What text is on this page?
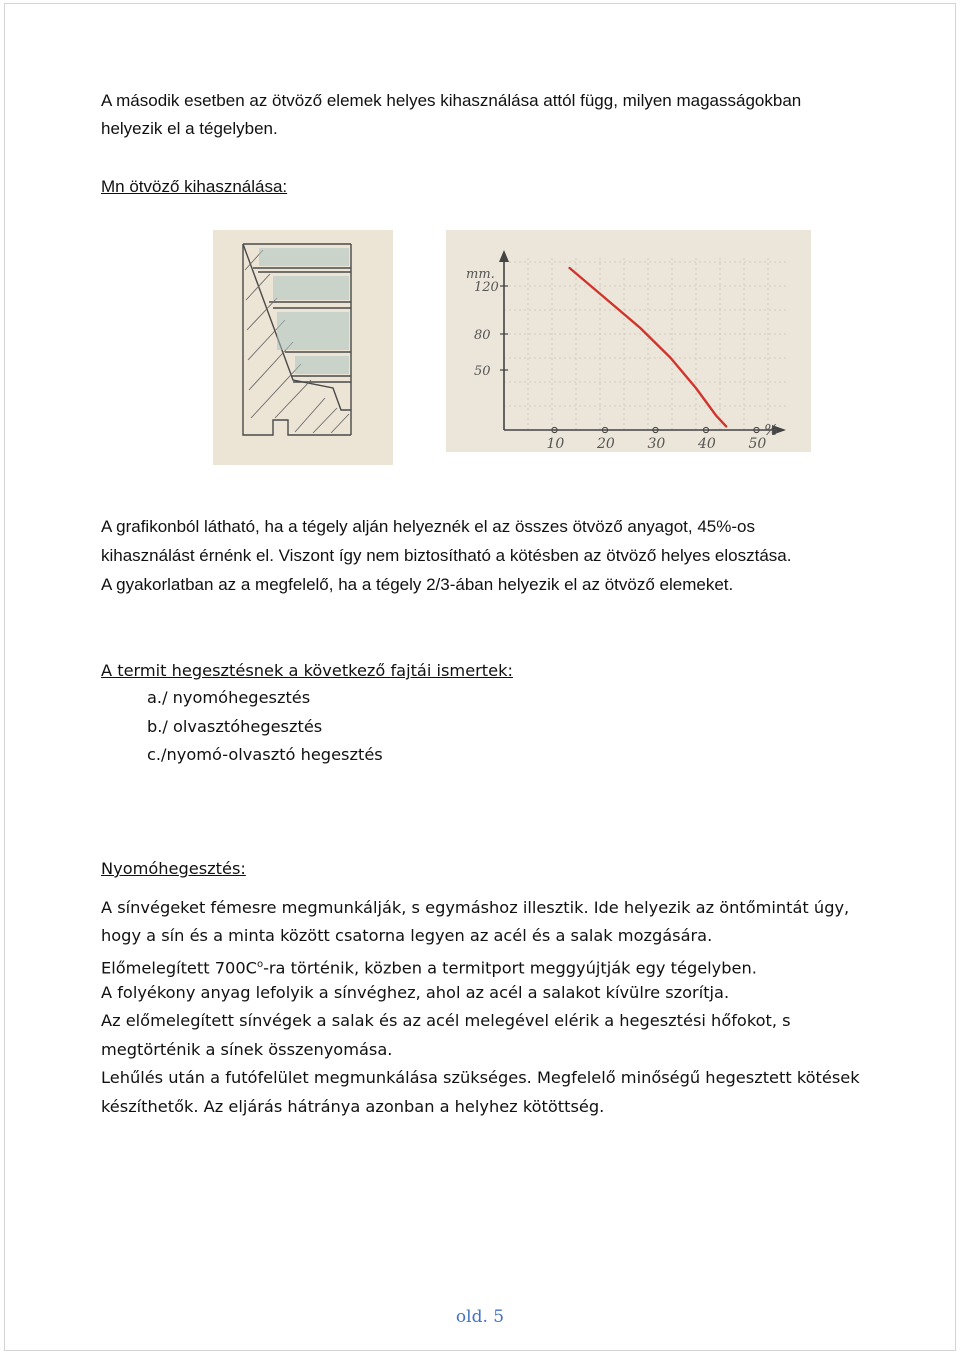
A második esetben az ötvöző elemek helyes kihasználása attól függ, milyen magasságokban

helyezik el a tégelyben.

Mn ötvöző kihasználása:

mm.
%
120
80
50
10 20 30 40 50

A grafikonból látható, ha a tégely alján helyeznék el az összes ötvöző anyagot, 45%-os

kihasználást érnénk el. Viszont így nem biztosítható a kötésben az ötvöző helyes elosztása.

A gyakorlatban az a megfelelő, ha a tégely 2/3-ában helyezik el az ötvöző elemeket.

A termit hegesztésnek a következő fajtái ismertek:

a./ nyomóhegesztés

b./ olvasztóhegesztés

c./nyomó-olvasztó hegesztés

Nyomóhegesztés:

A sínvégeket fémesre megmunkálják, s egymáshoz illesztik. Ide helyezik az öntőmintát úgy,

hogy a sín és a minta között csatorna legyen az acél és a salak mozgására.

Előmelegített $700C^o-ra$ történik, közben a termitport meggyújtják egy tégelyben.

A folyékony anyag lefolyik a sínvéghez, ahol az acél a salakot kívülre szorítja.

Az előmelegített sínvégek a salak és az acél melegével elérik a hegesztési hőfokot, s

megtörténik a sínek összenyomása.

Lehűlés után a futófelület megmunkálása szükséges. Megfelelő minőségű hegesztett kötések

készíthetők. Az eljárás hátránya azonban a helyhez kötöttség.

old. 5
